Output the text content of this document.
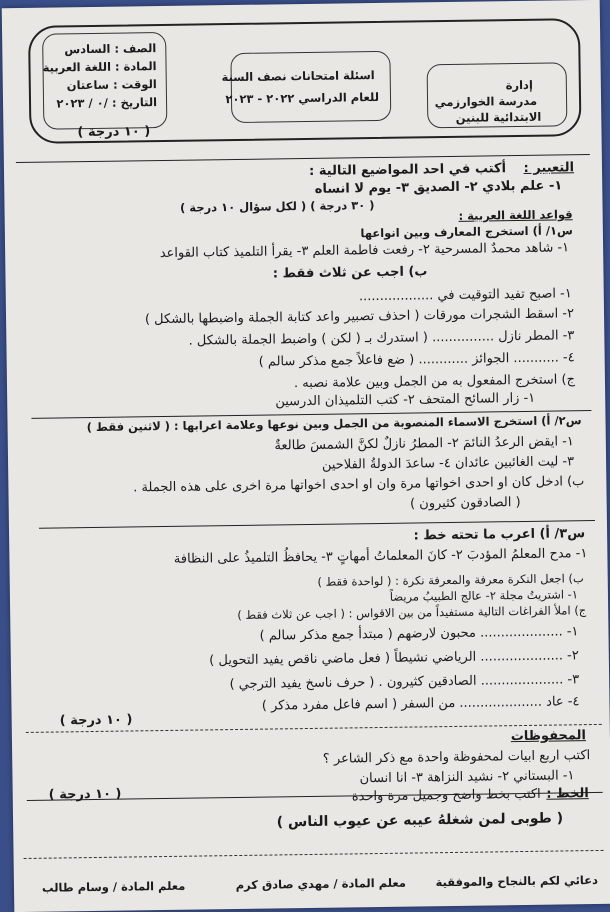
الصف : السادس
المادة : اللغة العربية
الوقت : ساعتان
التاريخ : /٠ / ٢٠٢٣
اسئلة امتحانات نصف السنة
للعام الدراسي ٢٠٢٢ - ٢٠٢٣
إدارة
مدرسة الخوارزمي
الابتدائية للبنين
( ١٠ درجة )
التعبير :
أكتب في احد المواضيع التالية :
١- علم بلادي ٢- الصديق ٣- يوم لا انساه
قواعد اللغة العربية :
( ٣٠ درجة ) ( لكل سؤال ١٠ درجة )
س١/ أ) استخرج المعارف وبين انواعها
١- شاهد محمدٌ المسرحية ٢- رفعت فاطمة العلم ٣- يقرأ التلميذ كتاب القواعد
ب) اجب عن ثلاث فقط :
١- اصبح تفيد التوقيت في ..................
٢- اسقط الشجرات مورقات ( احذف تصبير واعد كتابة الجملة واضبطها بالشكل )
٣- المطر نازل ............... ( استدرك بـ ( لكن ) واضبط الجملة بالشكل .
٤- ........... الجوائز ............ ( ضع فاعلاً جمع مذكر سالم )
ج) استخرج المفعول به من الجمل وبين علامة نصبه .
١- زار السائح المتحف ٢- كتب التلميذان الدرسين
س٢/ أ) استخرج الاسماء المنصوبة من الجمل وبين نوعها وعلامة اعرابها : ( لاثنين فقط )
١- ايقض الرعدُ النائمَ ٢- المطرُ نازلٌ لكنَّ الشمسَ طالعةٌ
٣- ليت الغائبين عائدان ٤- ساعدَ الدولةُ الفلاحين
ب) ادخل كان او احدى اخواتها مرة وان او احدى اخواتها مرة اخرى على هذه الجملة .
( الصادقون كثيرون )
س٣/ أ) اعرب ما تحته خط :
١- مدح المعلمُ المؤدبَ ٢- كانَ المعلماتُ أمهاتٍ ٣- يحافظُ التلميذُ على النظافة
ب) اجعل النكرة معرفة والمعرفة نكرة : ( لواحدة فقط )
١- اشتريتُ مجلة ٢- عالج الطبيبُ مريضاً
ج) املأ الفراغات التالية مستفيداً من بين الاقواس : ( اجب عن ثلاث فقط )
١- .................... محبون لارضهم ( مبتدأ جمع مذكر سالم )
٢- .................... الرياضي نشيطاً ( فعل ماضي ناقص يفيد التحويل )
٣- .................... الصادقين كثيرون . ( حرف ناسخ يفيد الترجي )
٤- عاد .................... من السفر ( اسم فاعل مفرد مذكر )
( ١٠ درجة )
المحفوظات
اكتب اربع ابيات لمحفوظة واحدة مع ذكر الشاعر ؟
١- البستاني ٢- نشيد النزاهة ٣- انا انسان
( ١٠ درجة )	الخط :
اكتب بخط واضح وجميل مرة واحدة
( طوبى لمن شغلهُ عيبه عن عيوب الناس )
دعائي لكم بالنجاح والموفقية
معلم المادة / مهدي صادق كرم
معلم المادة / وسام طالب
